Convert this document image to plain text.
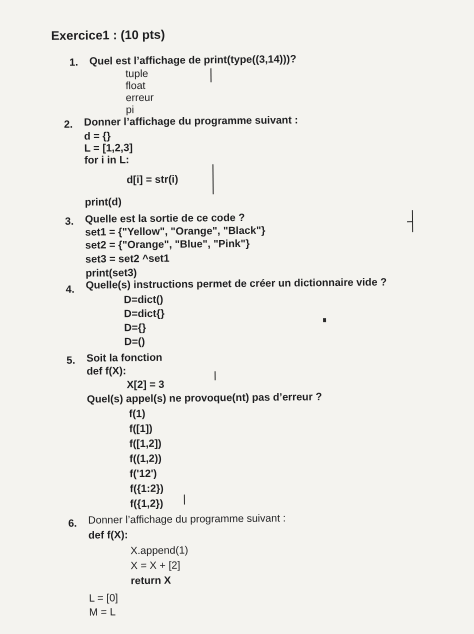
Exercice1 : (10 pts)
1. Quel est l’affichage de print(type((3,14)))?
tuple
float
erreur
pi
2. Donner l’affichage du programme suivant :
d = {}
L = [1,2,3]
for i in L:
d[i] = str(i)
print(d)
3. Quelle est la sortie de ce code ?
set1 = {"Yellow", "Orange", "Black"}
set2 = {"Orange", "Blue", "Pink"}
set3 = set2 ^set1
print(set3)
4. Quelle(s) instructions permet de créer un dictionnaire vide ?
D=dict()
D=dict{}
D={}
D=()
5. Soit la fonction
def f(X):
X[2] = 3
Quel(s) appel(s) ne provoque(nt) pas d’erreur ?
f(1)
f([1])
f([1,2])
f((1,2))
f('12')
f({1:2})
f({1,2})
6. Donner l’affichage du programme suivant :
def f(X):
X.append(1)
X = X + [2]
return X
L = [0]
M = L
